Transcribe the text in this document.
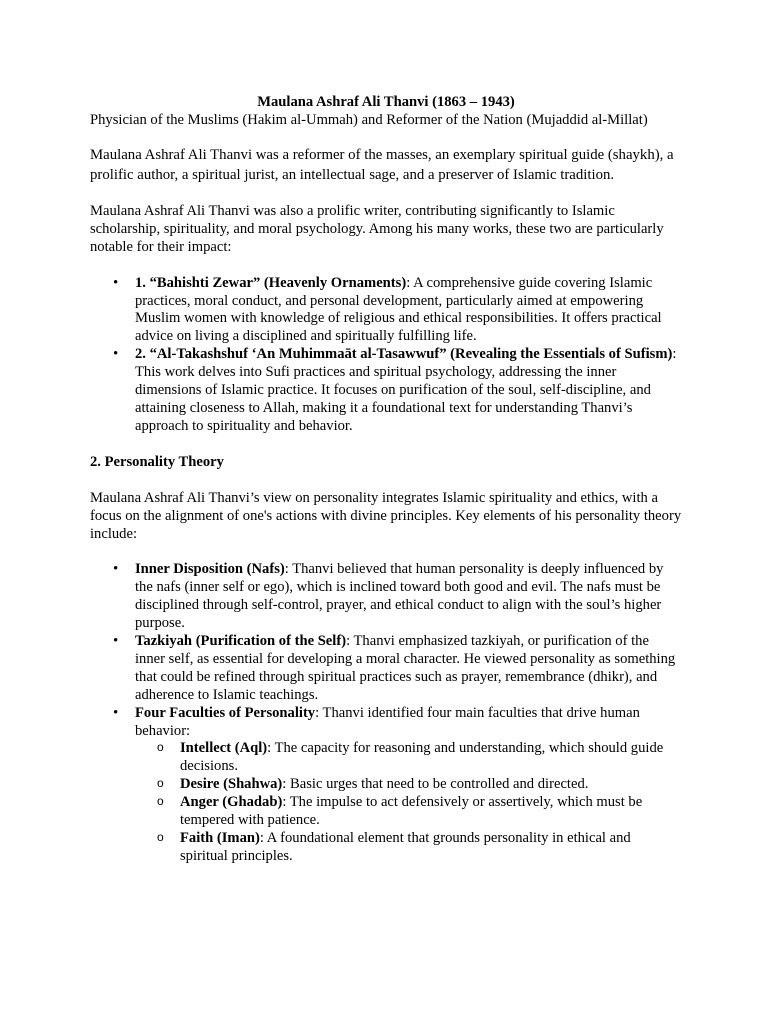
Maulana Ashraf Ali Thanvi (1863 – 1943)

Physician of the Muslims (Hakim al-Ummah) and Reformer of the Nation (Mujaddid al-Millat)

Maulana Ashraf Ali Thanvi was a reformer of the masses, an exemplary spiritual guide (shaykh), a prolific author, a spiritual jurist, an intellectual sage, and a preserver of Islamic tradition.

Maulana Ashraf Ali Thanvi was also a prolific writer, contributing significantly to Islamic scholarship, spirituality, and moral psychology. Among his many works, these two are particularly notable for their impact:

• 1. “Bahishti Zewar” (Heavenly Ornaments): A comprehensive guide covering Islamic practices, moral conduct, and personal development, particularly aimed at empowering Muslim women with knowledge of religious and ethical responsibilities. It offers practical advice on living a disciplined and spiritually fulfilling life.
• 2. “Al-Takashshuf ‘An Muhimmaāt al-Tasawwuf” (Revealing the Essentials of Sufism): This work delves into Sufi practices and spiritual psychology, addressing the inner dimensions of Islamic practice. It focuses on purification of the soul, self-discipline, and attaining closeness to Allah, making it a foundational text for understanding Thanvi’s approach to spirituality and behavior.

2. Personality Theory

Maulana Ashraf Ali Thanvi’s view on personality integrates Islamic spirituality and ethics, with a focus on the alignment of one's actions with divine principles. Key elements of his personality theory include:

• Inner Disposition (Nafs): Thanvi believed that human personality is deeply influenced by the nafs (inner self or ego), which is inclined toward both good and evil. The nafs must be disciplined through self-control, prayer, and ethical conduct to align with the soul’s higher purpose.
• Tazkiyah (Purification of the Self): Thanvi emphasized tazkiyah, or purification of the inner self, as essential for developing a moral character. He viewed personality as something that could be refined through spiritual practices such as prayer, remembrance (dhikr), and adherence to Islamic teachings.
• Four Faculties of Personality: Thanvi identified four main faculties that drive human behavior:
o Intellect (Aql): The capacity for reasoning and understanding, which should guide decisions.
o Desire (Shahwa): Basic urges that need to be controlled and directed.
o Anger (Ghadab): The impulse to act defensively or assertively, which must be tempered with patience.
o Faith (Iman): A foundational element that grounds personality in ethical and spiritual principles.
